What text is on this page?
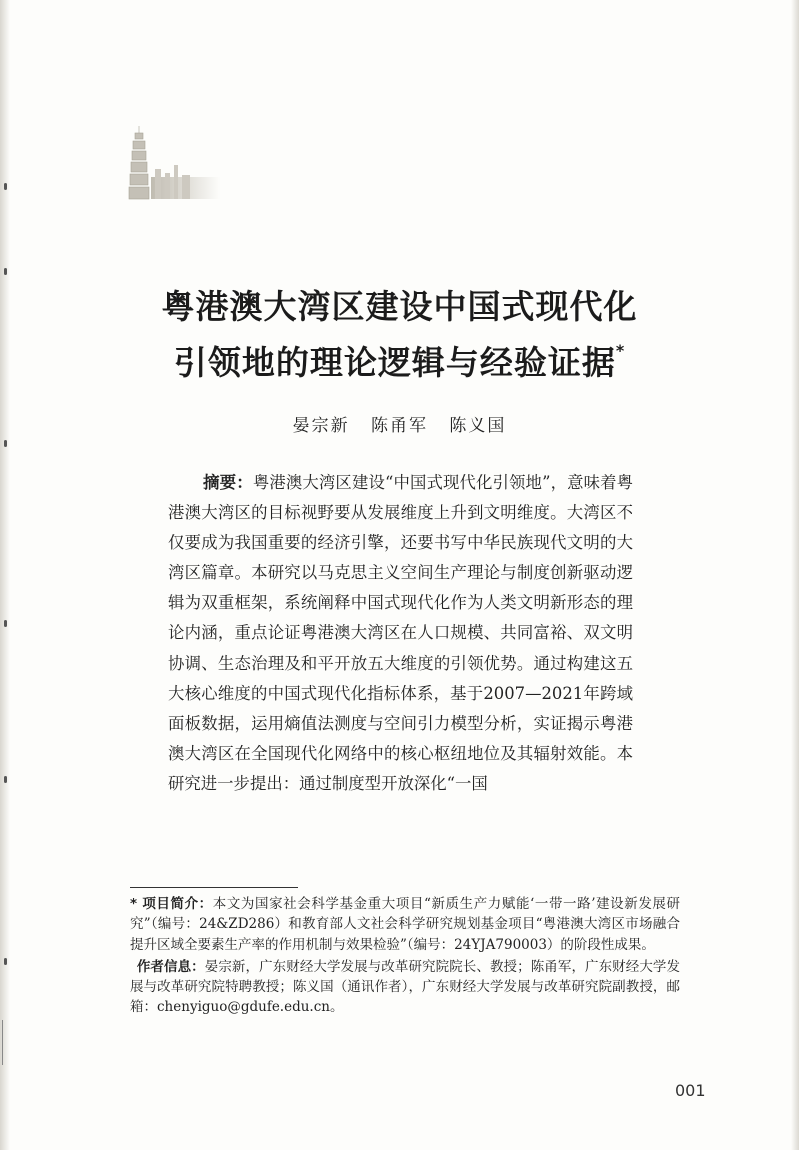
粤港澳大湾区建设中国式现代化
引领地的理论逻辑与经验证据*
晏宗新 陈甬军 陈义国

摘要：粤港澳大湾区建设“中国式现代化引领地”，意味着粤港澳大湾区的目标视野要从发展维度上升到文明维度。大湾区不仅要成为我国重要的经济引擎，还要书写中华民族现代文明的大湾区篇章。本研究以马克思主义空间生产理论与制度创新驱动逻辑为双重框架，系统阐释中国式现代化作为人类文明新形态的理论内涵，重点论证粤港澳大湾区在人口规模、共同富裕、双文明协调、生态治理及和平开放五大维度的引领优势。通过构建这五大核心维度的中国式现代化指标体系，基于2007—2021年跨域面板数据，运用熵值法测度与空间引力模型分析，实证揭示粤港澳大湾区在全国现代化网络中的核心枢纽地位及其辐射效能。本研究进一步提出：通过制度型开放深化“一国

* 项目简介：本文为国家社会科学基金重大项目“新质生产力赋能‘一带一路’建设新发展研究”（编号：24&ZD286）和教育部人文社会科学研究规划基金项目“粤港澳大湾区市场融合提升区域全要素生产率的作用机制与效果检验”（编号：24YJA790003）的阶段性成果。

 作者信息：晏宗新，广东财经大学发展与改革研究院院长、教授；陈甬军，广东财经大学发展与改革研究院特聘教授；陈义国（通讯作者），广东财经大学发展与改革研究院副教授，邮箱：chenyiguo@gdufe.edu.cn。

001
